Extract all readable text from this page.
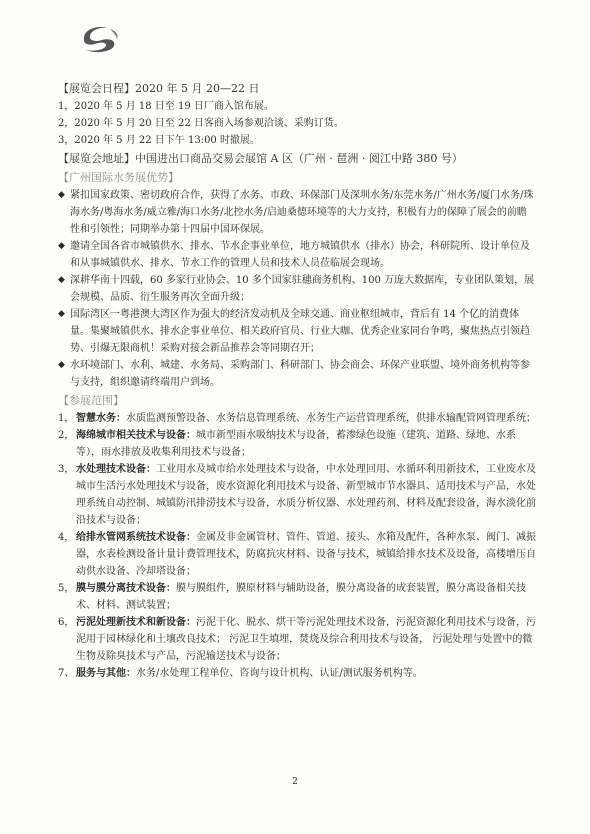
【展览会日程】2020 年 5 月 20—22 日
1，2020 年 5 月 18 日至 19 日厂商入馆布展。
2，2020 年 5 月 20 日至 22 日客商入场参观洽谈、采购订货。
3，2020 年 5 月 22 日下午 13:00 时撤展。
【展览会地址】中国进出口商品交易会展馆 A 区（广州 · 琶洲 · 阅江中路 380 号）
【广州国际水务展优势】
◆ 紧扣国家政策、密切政府合作，获得了水务、市政、环保部门及深圳水务/东莞水务/广州水务/厦门水务/珠海水务/粤海水务/威立雅/海口水务/北控水务/启迪桑德环境等的大力支持，积极有力的保障了展会的前瞻性和引领性；同期举办第十四届中国环保展。
◆ 邀请全国各省市城镇供水、排水、节水企事业单位，地方城镇供水（排水）协会，科研院所、设计单位及和从事城镇供水、排水、节水工作的管理人员和技术人员莅临展会现场。
◆ 深耕华南十四载，60 多家行业协会、10 多个国家驻穗商务机构、100 万庞大数据库，专业团队策划，展会规模、品质、衍生服务再次全面升级；
◆ 国际湾区一粤港澳大湾区作为强大的经济发动机及全球交通、商业枢纽城市，背后有 14 个亿的消费体量。集聚城镇供水、排水企事业单位、相关政府官员、行业大咖、优秀企业家同台争鸣，聚焦热点引领趋势、引爆无限商机！采购对接会新品推荐会等同期召开；
◆ 水环境部门、水利、城建、水务局、采购部门、科研部门、协会商会、环保产业联盟、境外商务机构等参与支持，组织邀请终端用户到场。
【参展范围】
1， 智慧水务：水质监测预警设备、水务信息管理系统、水务生产运营管理系统，供排水输配管网管理系统；
2， 海绵城市相关技术与设备：城市新型雨水吸纳技术与设备，蓄渗绿色设施（建筑、道路、绿地、水系等），雨水排放及收集利用技术与设备；
3， 水处理技术设备：工业用水及城市给水处理技术与设备，中水处理回用、水循环利用新技术，工业废水及城市生活污水处理技术与设备，废水资源化利用技术与设备、新型城市节水器具、适用技术与产品，水处理系统自动控制、城镇防汛排涝技术与设备，水质分析仪器、水处理药剂、材料及配套设备，海水淡化前沿技术与设备；
4， 给排水管网系统技术设备：金属及非金属管材、管件、管道、接头、水箱及配件，各种水泵、阀门、减振器，水表检测设备计量计费管理技术，防腐抗灾材料、设备与技术，城镇给排水技术及设备，高楼增压自动供水设备、冷却塔设备；
5， 膜与膜分离技术设备：膜与膜组件，膜原材料与辅助设备，膜分离设备的成套装置，膜分离设备相关技术、材料、测试装置；
6， 污泥处理新技术和新设备：污泥干化、脱水、烘干等污泥处理技术设备，污泥资源化利用技术与设备，污泥用于园林绿化和土壤改良技术； 污泥卫生填埋，焚烧及综合利用技术与设备， 污泥处理与处置中的微生物及除臭技术与产品，污泥输送技术与设备；
7、 服务与其他：水务/水处理工程单位、咨询与设计机构、认证/测试服务机构等。
2
